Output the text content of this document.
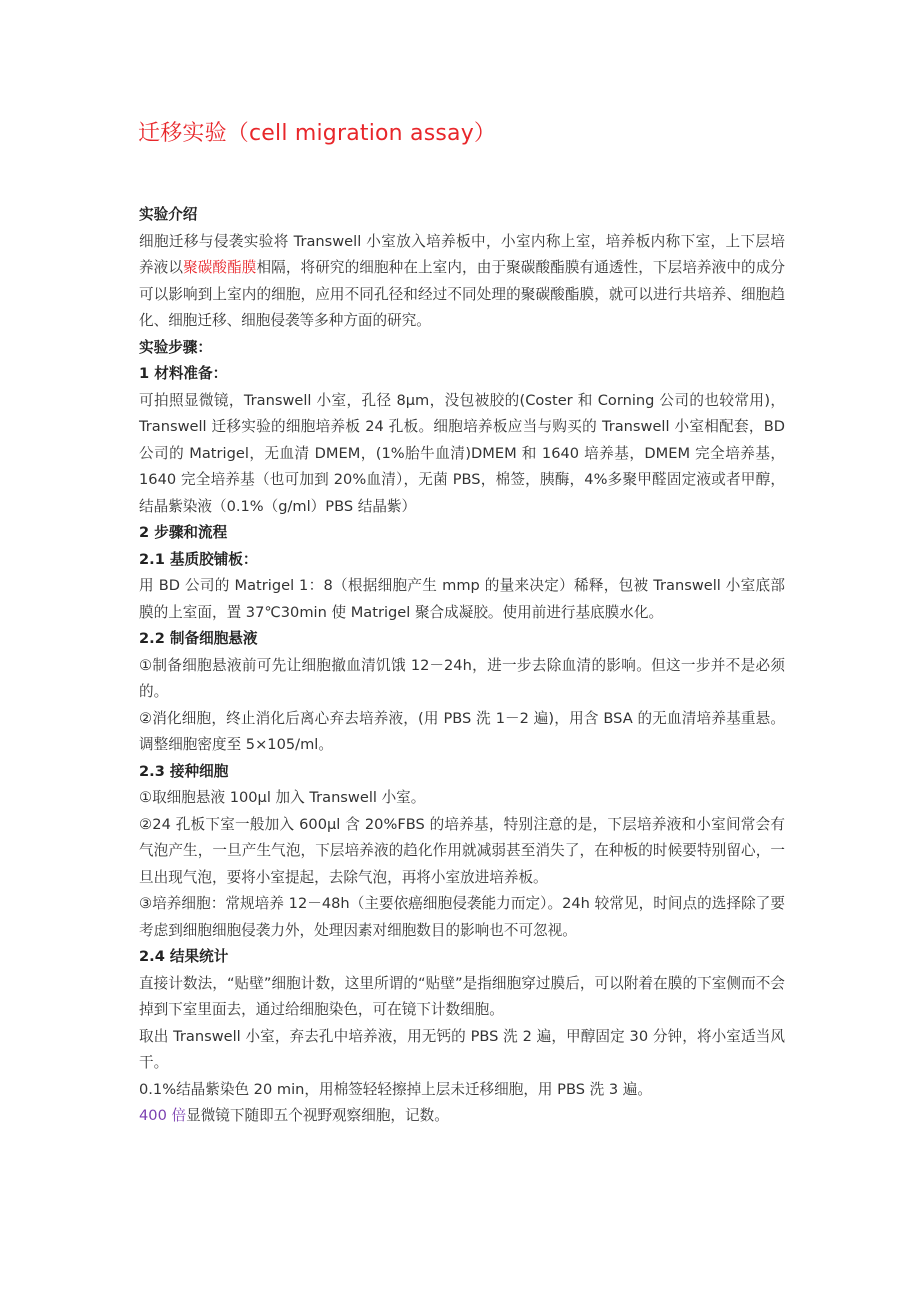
迁移实验（cell migration assay）

实验介绍

细胞迁移与侵袭实验将 Transwell 小室放入培养板中，小室内称上室，培养板内称下室，上下层培养液以聚碳酸酯膜相隔，将研究的细胞种在上室内，由于聚碳酸酯膜有通透性，下层培养液中的成分可以影响到上室内的细胞，应用不同孔径和经过不同处理的聚碳酸酯膜，就可以进行共培养、细胞趋化、细胞迁移、细胞侵袭等多种方面的研究。

实验步骤：

1 材料准备：

可拍照显微镜，Transwell 小室，孔径 8μm，没包被胶的(Coster 和 Corning 公司的也较常用)，Transwell 迁移实验的细胞培养板 24 孔板。细胞培养板应当与购买的 Transwell 小室相配套，BD 公司的 Matrigel，无血清 DMEM，(1%胎牛血清)DMEM 和 1640 培养基，DMEM 完全培养基，1640 完全培养基（也可加到 20%血清），无菌 PBS，棉签，胰酶，4%多聚甲醛固定液或者甲醇，结晶紫染液（0.1%（g/ml）PBS 结晶紫）

2 步骤和流程

2.1 基质胶铺板：

用 BD 公司的 Matrigel 1：8（根据细胞产生 mmp 的量来决定）稀释，包被 Transwell 小室底部膜的上室面，置 37℃30min 使 Matrigel 聚合成凝胶。使用前进行基底膜水化。

2.2 制备细胞悬液

①制备细胞悬液前可先让细胞撤血清饥饿 12－24h，进一步去除血清的影响。但这一步并不是必须的。

②消化细胞，终止消化后离心弃去培养液，(用 PBS 洗 1－2 遍)，用含 BSA 的无血清培养基重悬。调整细胞密度至 5×105/ml。

2.3 接种细胞

①取细胞悬液 100μl 加入 Transwell 小室。

②24 孔板下室一般加入 600μl 含 20%FBS 的培养基，特别注意的是，下层培养液和小室间常会有气泡产生，一旦产生气泡，下层培养液的趋化作用就减弱甚至消失了，在种板的时候要特别留心，一旦出现气泡，要将小室提起，去除气泡，再将小室放进培养板。

③培养细胞：常规培养 12－48h（主要依癌细胞侵袭能力而定）。24h 较常见，时间点的选择除了要考虑到细胞细胞侵袭力外，处理因素对细胞数目的影响也不可忽视。

2.4 结果统计

直接计数法，“贴壁”细胞计数，这里所谓的“贴壁”是指细胞穿过膜后，可以附着在膜的下室侧而不会掉到下室里面去，通过给细胞染色，可在镜下计数细胞。

取出 Transwell 小室，弃去孔中培养液，用无钙的 PBS 洗 2 遍，甲醇固定 30 分钟，将小室适当风干。

0.1%结晶紫染色 20 min，用棉签轻轻擦掉上层未迁移细胞，用 PBS 洗 3 遍。

400 倍显微镜下随即五个视野观察细胞，记数。
